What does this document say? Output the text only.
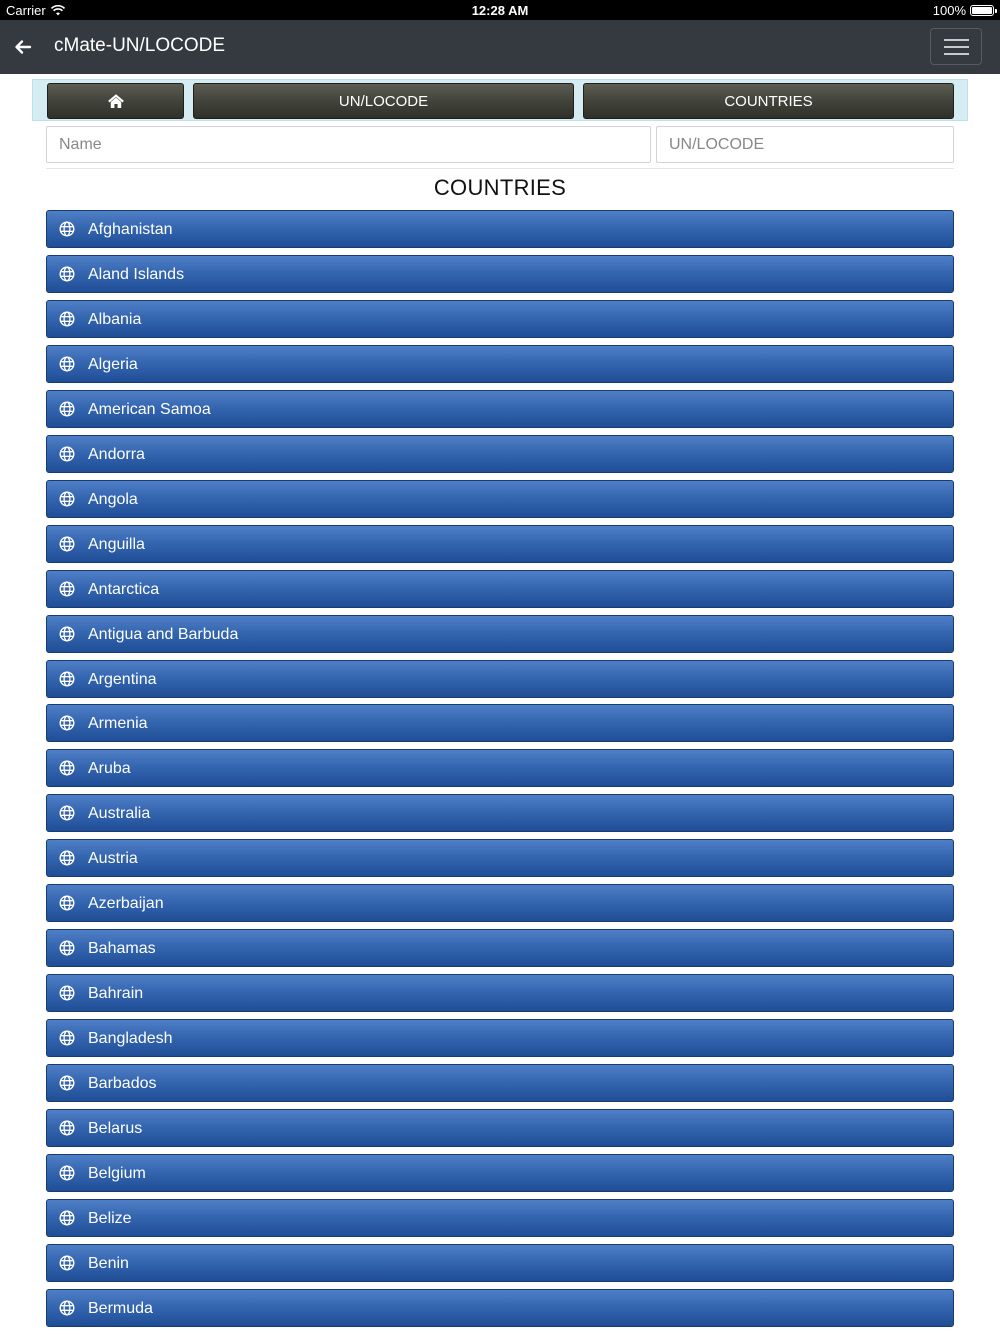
Carrier	12:28 AM	100%
cMate-UN/LOCODE
UN/LOCODE	COUNTRIES
Name
UN/LOCODE
COUNTRIES
Afghanistan
Aland Islands
Albania
Algeria
American Samoa
Andorra
Angola
Anguilla
Antarctica
Antigua and Barbuda
Argentina
Armenia
Aruba
Australia
Austria
Azerbaijan
Bahamas
Bahrain
Bangladesh
Barbados
Belarus
Belgium
Belize
Benin
Bermuda
